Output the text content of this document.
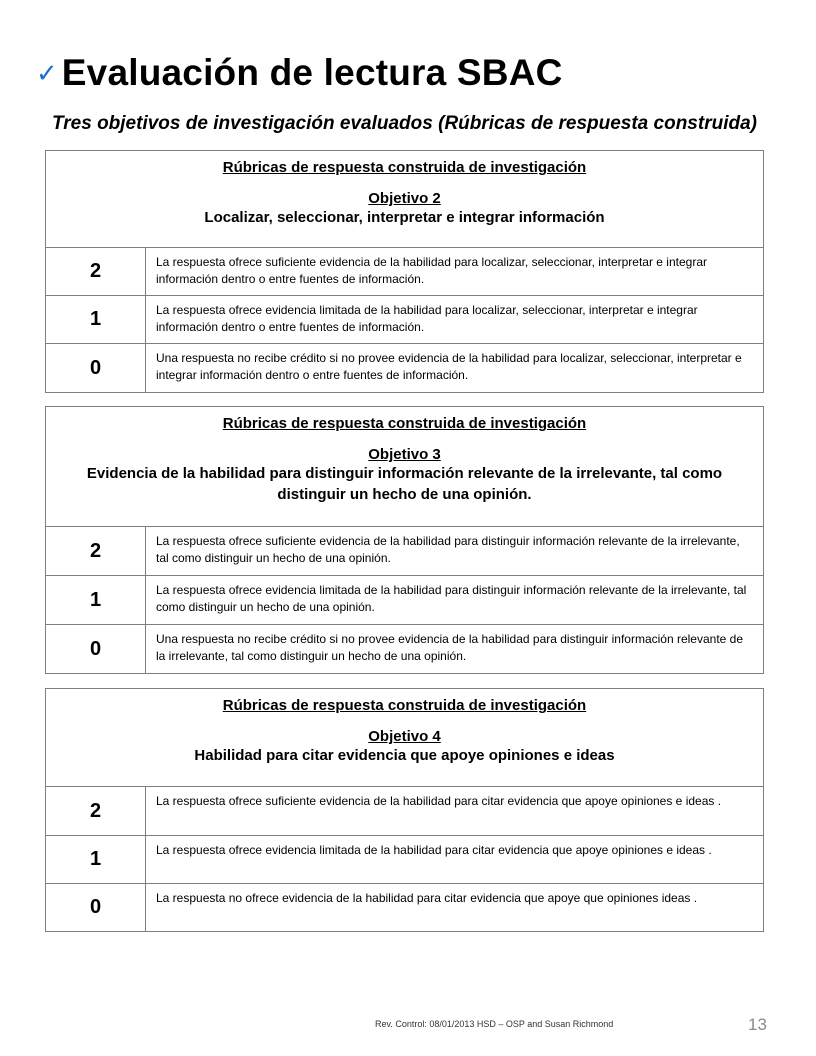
✓ Evaluación de lectura SBAC
Tres objetivos de investigación evaluados (Rúbricas de respuesta construida)
Rúbricas de respuesta construida de investigación
Objetivo 2
Localizar, seleccionar, interpretar e integrar información
2	La respuesta ofrece suficiente evidencia de la habilidad para localizar, seleccionar, interpretar e integrar información dentro o entre fuentes de información.
1	La respuesta ofrece evidencia limitada de la habilidad para localizar, seleccionar, interpretar e integrar información dentro o entre fuentes de información.
0	Una respuesta no recibe crédito si no provee evidencia de la habilidad para localizar, seleccionar, interpretar e integrar información dentro o entre fuentes de información.
Rúbricas de respuesta construida de investigación
Objetivo 3
Evidencia de la habilidad para distinguir información relevante de la irrelevante, tal como distinguir un hecho de una opinión.
2	La respuesta ofrece suficiente evidencia de la habilidad para distinguir información relevante de la irrelevante, tal como distinguir un hecho de una opinión.
1	La respuesta ofrece evidencia limitada de la habilidad para distinguir información relevante de la irrelevante, tal como distinguir un hecho de una opinión.
0	Una respuesta no recibe crédito si no provee evidencia de la habilidad para distinguir información relevante de la irrelevante, tal como distinguir un hecho de una opinión.
Rúbricas de respuesta construida de investigación
Objetivo 4
Habilidad para citar evidencia que apoye opiniones e ideas
2	La respuesta ofrece suficiente evidencia de la habilidad para citar evidencia que apoye opiniones e ideas .
1	La respuesta ofrece evidencia limitada de la habilidad para citar evidencia que apoye opiniones e ideas .
0	La respuesta no ofrece evidencia de la habilidad para citar evidencia que apoye que opiniones ideas .
Rev. Control: 08/01/2013 HSD – OSP and Susan Richmond	13
